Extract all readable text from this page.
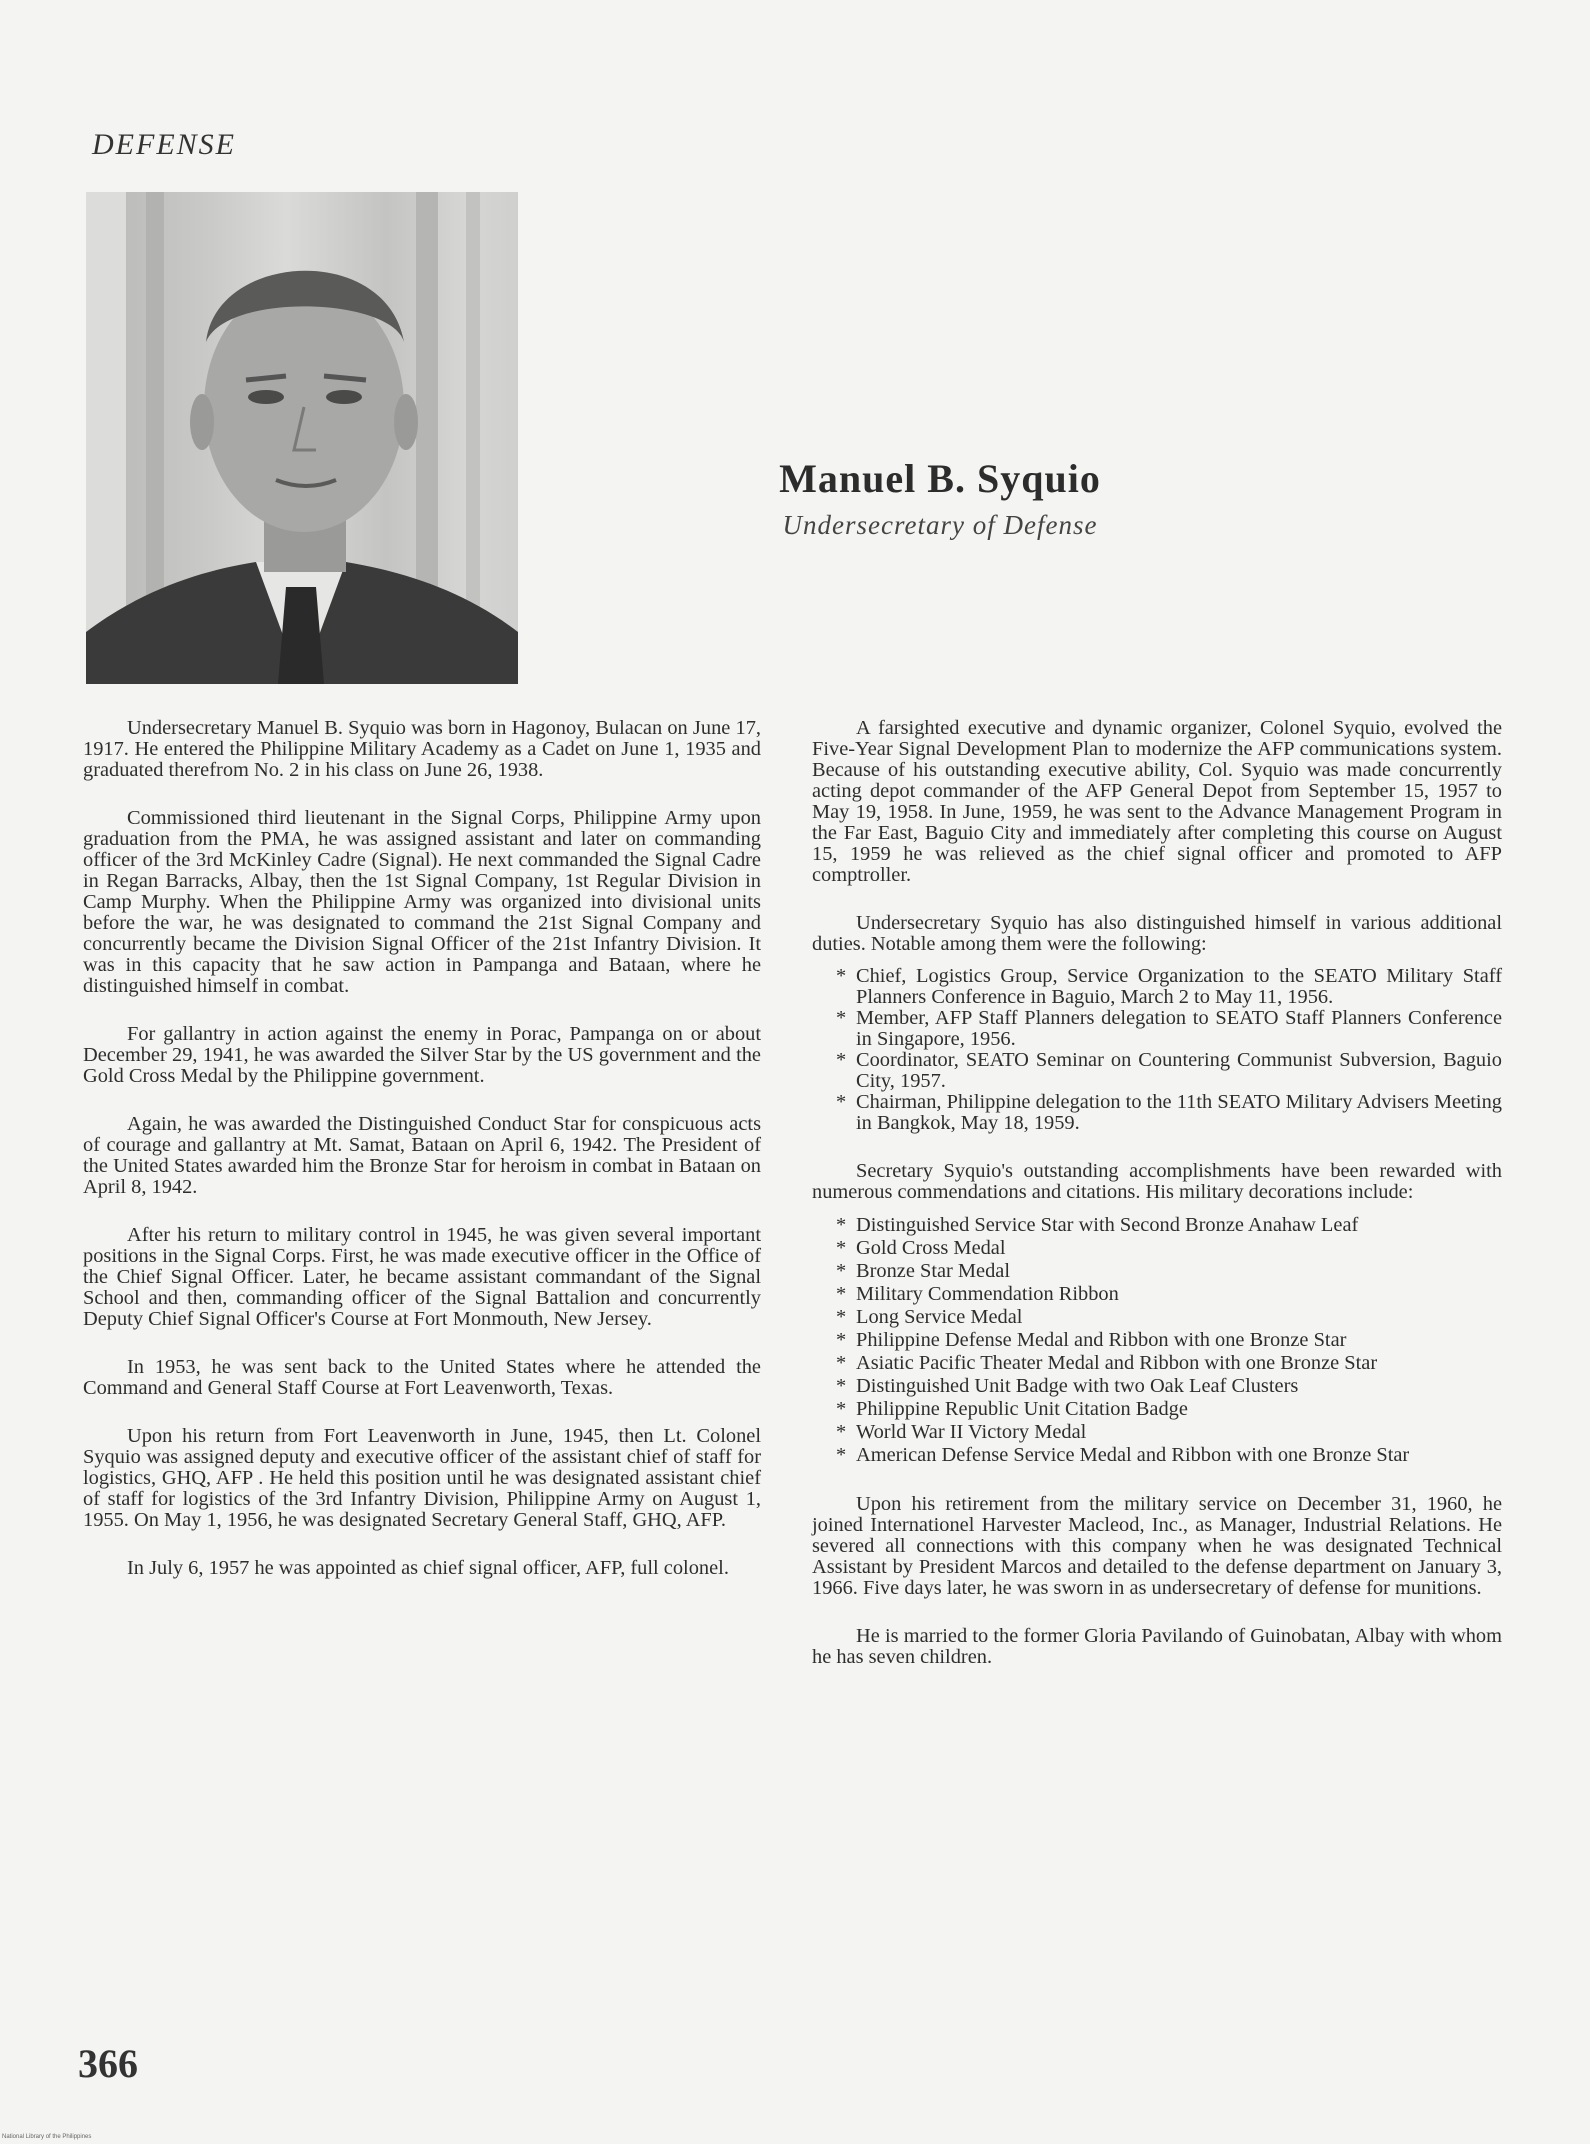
DEFENSE
Manuel B. Syquio
Undersecretary of Defense

Undersecretary Manuel B. Syquio was born in Hagonoy, Bulacan on June 17, 1917. He entered the Philippine Military Academy as a Cadet on June 1, 1935 and graduated therefrom No. 2 in his class on June 26, 1938.

Commissioned third lieutenant in the Signal Corps, Philippine Army upon graduation from the PMA, he was assigned assistant and later on commanding officer of the 3rd McKinley Cadre (Signal). He next commanded the Signal Cadre in Regan Barracks, Albay, then the 1st Signal Company, 1st Regular Division in Camp Murphy. When the Philippine Army was organized into divisional units before the war, he was designated to command the 21st Signal Company and concurrently became the Division Signal Officer of the 21st Infantry Division. It was in this capacity that he saw action in Pampanga and Bataan, where he distinguished himself in combat.

For gallantry in action against the enemy in Porac, Pampanga on or about December 29, 1941, he was awarded the Silver Star by the US government and the Gold Cross Medal by the Philippine government.

Again, he was awarded the Distinguished Conduct Star for conspicuous acts of courage and gallantry at Mt. Samat, Bataan on April 6, 1942. The President of the United States awarded him the Bronze Star for heroism in combat in Bataan on April 8, 1942.

After his return to military control in 1945, he was given several important positions in the Signal Corps. First, he was made executive officer in the Office of the Chief Signal Officer. Later, he became assistant commandant of the Signal School and then, commanding officer of the Signal Battalion and concurrently Deputy Chief Signal Officer's Course at Fort Monmouth, New Jersey.

In 1953, he was sent back to the United States where he attended the Command and General Staff Course at Fort Leavenworth, Texas.

Upon his return from Fort Leavenworth in June, 1945, then Lt. Colonel Syquio was assigned deputy and executive officer of the assistant chief of staff for logistics, GHQ, AFP . He held this position until he was designated assistant chief of staff for logistics of the 3rd Infantry Division, Philippine Army on August 1, 1955. On May 1, 1956, he was designated Secretary General Staff, GHQ, AFP.

In July 6, 1957 he was appointed as chief signal officer, AFP, full colonel.

A farsighted executive and dynamic organizer, Colonel Syquio, evolved the Five-Year Signal Development Plan to modernize the AFP communications system. Because of his outstanding executive ability, Col. Syquio was made concurrently acting depot commander of the AFP General Depot from September 15, 1957 to May 19, 1958. In June, 1959, he was sent to the Advance Management Program in the Far East, Baguio City and immediately after completing this course on August 15, 1959 he was relieved as the chief signal officer and promoted to AFP comptroller.

Undersecretary Syquio has also distinguished himself in various additional duties. Notable among them were the following:

* Chief, Logistics Group, Service Organization to the SEATO Military Staff Planners Conference in Baguio, March 2 to May 11, 1956.
* Member, AFP Staff Planners delegation to SEATO Staff Planners Conference in Singapore, 1956.
* Coordinator, SEATO Seminar on Countering Communist Subversion, Baguio City, 1957.
* Chairman, Philippine delegation to the 11th SEATO Military Advisers Meeting in Bangkok, May 18, 1959.

Secretary Syquio's outstanding accomplishments have been rewarded with numerous commendations and citations. His military decorations include:

* Distinguished Service Star with Second Bronze Anahaw Leaf
* Gold Cross Medal
* Bronze Star Medal
* Military Commendation Ribbon
* Long Service Medal
* Philippine Defense Medal and Ribbon with one Bronze Star
* Asiatic Pacific Theater Medal and Ribbon with one Bronze Star
* Distinguished Unit Badge with two Oak Leaf Clusters
* Philippine Republic Unit Citation Badge
* World War II Victory Medal
* American Defense Service Medal and Ribbon with one Bronze Star

Upon his retirement from the military service on December 31, 1960, he joined Internationel Harvester Macleod, Inc., as Manager, Industrial Relations. He severed all connections with this company when he was designated Technical Assistant by President Marcos and detailed to the defense department on January 3, 1966. Five days later, he was sworn in as undersecretary of defense for munitions.

He is married to the former Gloria Pavilando of Guinobatan, Albay with whom he has seven children.

366
National Library of the Philippines
